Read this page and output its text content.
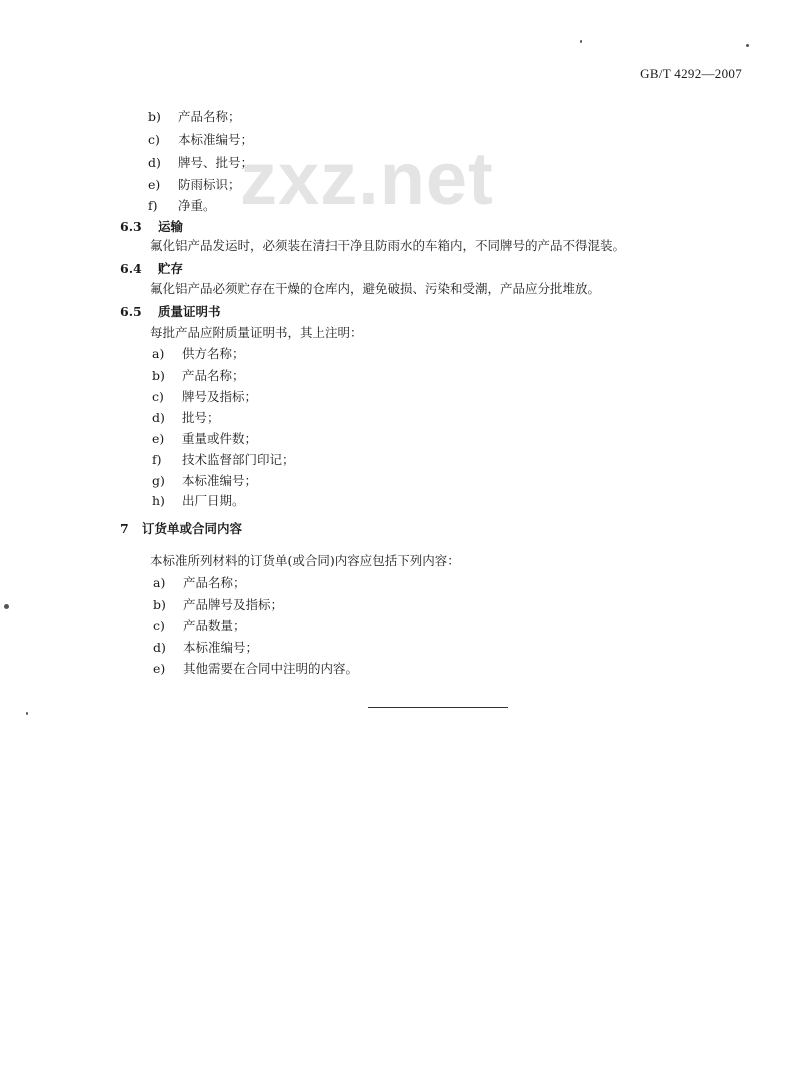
GB/T 4292—2007
zxz.net
b) 产品名称；
c) 本标准编号；
d) 牌号、批号；
e) 防雨标识；
f) 净重。
6.3 运输
氟化铝产品发运时，必须装在清扫干净且防雨水的车箱内，不同牌号的产品不得混装。
6.4 贮存
氟化铝产品必须贮存在干燥的仓库内，避免破损、污染和受潮，产品应分批堆放。
6.5 质量证明书
每批产品应附质量证明书，其上注明：
a) 供方名称；
b) 产品名称；
c) 牌号及指标；
d) 批号；
e) 重量或件数；
f) 技术监督部门印记；
g) 本标准编号；
h) 出厂日期。
7 订货单或合同内容
本标准所列材料的订货单(或合同)内容应包括下列内容：
a) 产品名称；
b) 产品牌号及指标；
c) 产品数量；
d) 本标准编号；
e) 其他需要在合同中注明的内容。
